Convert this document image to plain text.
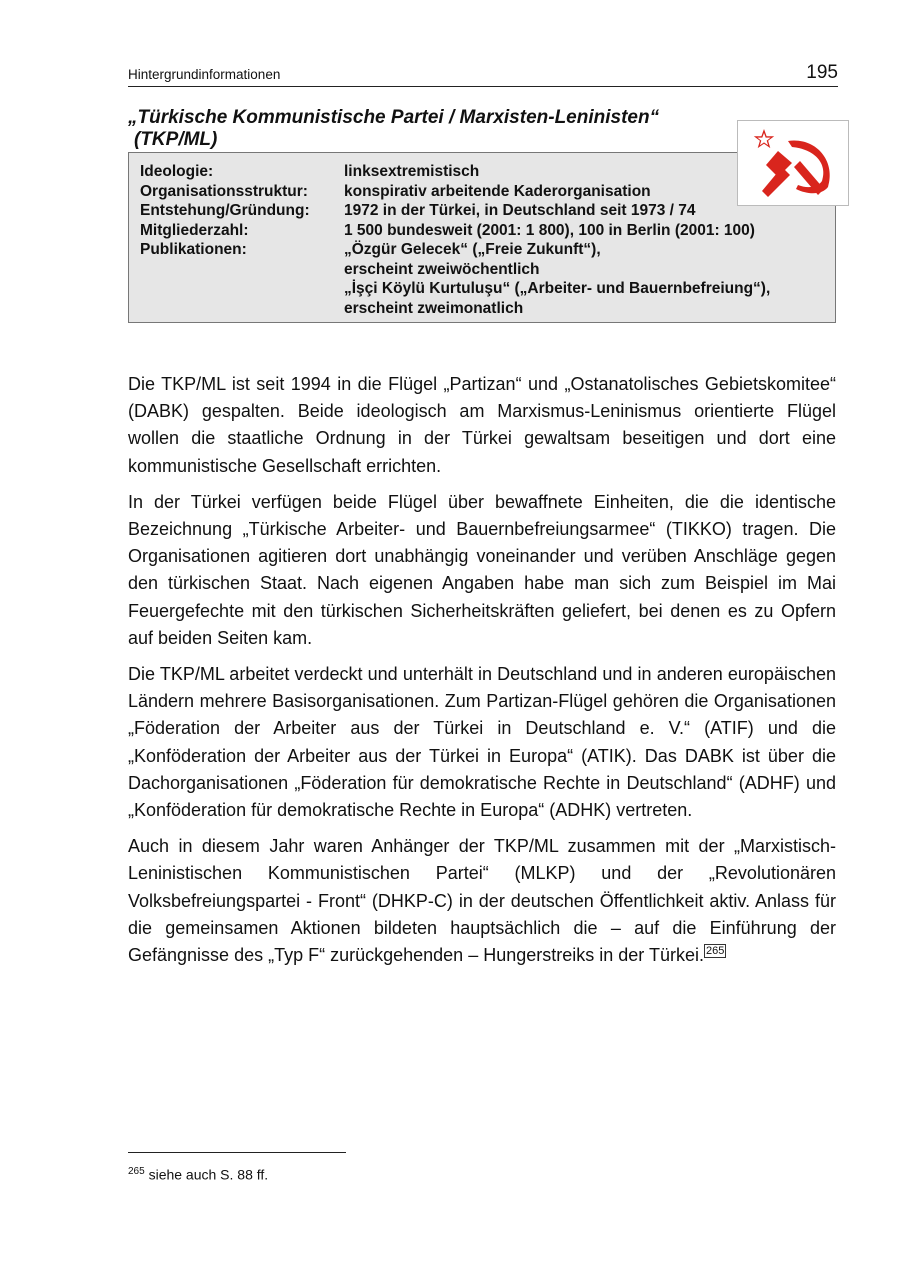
Hintergrundinformationen	195
„Türkische Kommunistische Partei / Marxisten-Leninisten“
(TKP/ML)
Ideologie:	linksextremistisch
Organisationsstruktur: konspirativ arbeitende Kaderorganisation
Entstehung/Gründung: 1972 in der Türkei, in Deutschland seit 1973 / 74
Mitgliederzahl:	1 500 bundesweit (2001: 1 800), 100 in Berlin (2001: 100)
Publikationen:	„Özgür Gelecek“ („Freie Zukunft“),
erscheint zweiwöchentlich
„İşçi Köylü Kurtuluşu“ („Arbeiter- und Bauernbefreiung“),
erscheint zweimonatlich

Die TKP/ML ist seit 1994 in die Flügel „Partizan“ und „Ostanatolisches Gebietskomitee“ (DABK) gespalten. Beide ideologisch am Marxismus-Leninismus orientierte Flügel wollen die staatliche Ordnung in der Türkei gewaltsam beseitigen und dort eine kommunistische Gesellschaft errichten.

In der Türkei verfügen beide Flügel über bewaffnete Einheiten, die die identische Bezeichnung „Türkische Arbeiter- und Bauernbefreiungsarmee“ (TIKKO) tragen. Die Organisationen agitieren dort unabhängig voneinander und verüben Anschläge gegen den türkischen Staat. Nach eigenen Angaben habe man sich zum Beispiel im Mai Feuergefechte mit den türkischen Sicherheitskräften geliefert, bei denen es zu Opfern auf beiden Seiten kam.

Die TKP/ML arbeitet verdeckt und unterhält in Deutschland und in anderen europäischen Ländern mehrere Basisorganisationen. Zum Partizan-Flügel gehören die Organisationen „Föderation der Arbeiter aus der Türkei in Deutschland e. V.“ (ATIF) und die „Konföderation der Arbeiter aus der Türkei in Europa“ (ATIK). Das DABK ist über die Dachorganisationen „Föderation für demokratische Rechte in Deutschland“ (ADHF) und „Konföderation für demokratische Rechte in Europa“ (ADHK) vertreten.

Auch in diesem Jahr waren Anhänger der TKP/ML zusammen mit der „Marxistisch-Leninistischen Kommunistischen Partei“ (MLKP) und der „Revolutionären Volksbefreiungspartei - Front“ (DHKP-C) in der deutschen Öffentlichkeit aktiv. Anlass für die gemeinsamen Aktionen bildeten hauptsächlich die – auf die Einführung der Gefängnisse des „Typ F“ zurückgehenden – Hungerstreiks in der Türkei. $^{265}$

$^{265}$ siehe auch S. 88 ff.
